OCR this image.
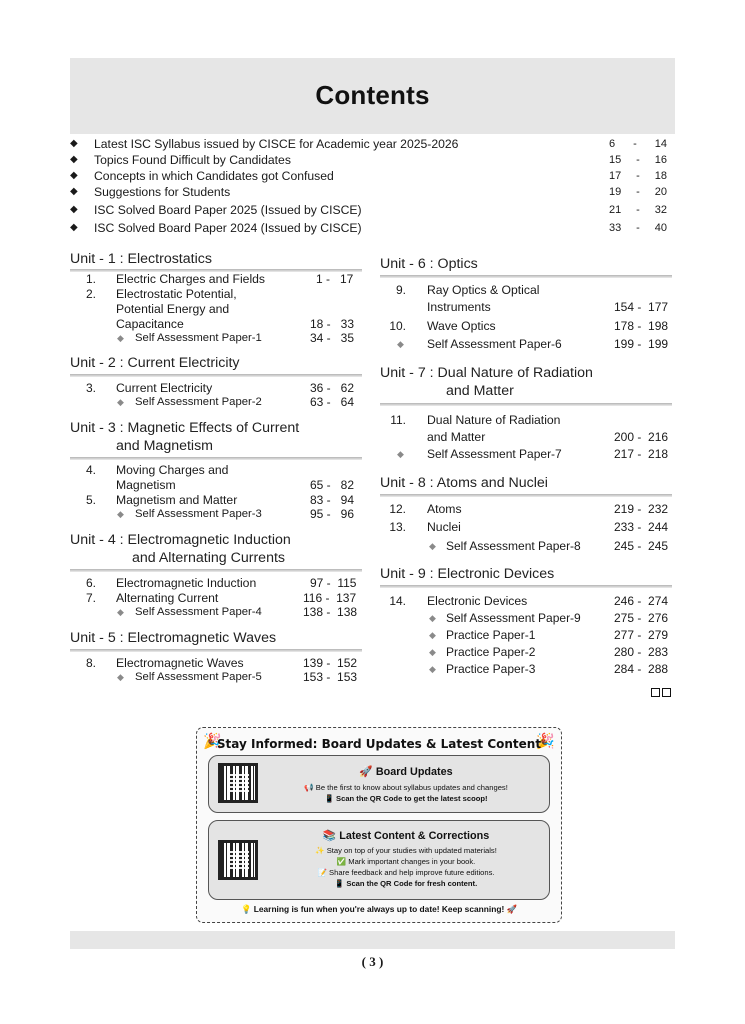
Contents
◆ Latest ISC Syllabus issued by CISCE for Academic year 2025-2026	6 - 14
◆ Topics Found Difficult by Candidates	15 - 16
◆ Concepts in which Candidates got Confused	17 - 18
◆ Suggestions for Students	19 - 20
◆ ISC Solved Board Paper 2025 (Issued by CISCE)	21 - 32
◆ ISC Solved Board Paper 2024 (Issued by CISCE)	33 - 40
Unit - 1 : Electrostatics
1. Electric Charges and Fields	1 -   17
2. Electrostatic Potential,
Potential Energy and
Capacitance	18 -   33
◆ Self Assessment Paper-1	34 -   35
Unit - 2 : Current Electricity
3. Current Electricity	36 -   62
◆ Self Assessment Paper-2	63 -   64
Unit - 3 : Magnetic Effects of Current
and Magnetism
4. Moving Charges and
Magnetism	65 -   82
5. Magnetism and Matter	83 -   94
◆ Self Assessment Paper-3	95 -   96
Unit - 4 : Electromagnetic Induction
and Alternating Currents
6. Electromagnetic Induction	97 -  115
7. Alternating Current	116 -  137
◆ Self Assessment Paper-4	138 -  138
Unit - 5 : Electromagnetic Waves
8. Electromagnetic Waves	139 -  152
◆ Self Assessment Paper-5	153 -  153
Unit - 6 : Optics
9. Ray Optics & Optical
Instruments	154 -  177
10. Wave Optics	178 -  198
◆ Self Assessment Paper-6	199 -  199
Unit - 7 : Dual Nature of Radiation
and Matter
11. Dual Nature of Radiation
and Matter	200 -  216
◆ Self Assessment Paper-7	217 -  218
Unit - 8 : Atoms and Nuclei
12. Atoms	219 -  232
13. Nuclei	233 -  244
◆ Self Assessment Paper-8	245 -  245
Unit - 9 : Electronic Devices
14. Electronic Devices	246 -  274
◆ Self Assessment Paper-9	275 -  276
◆ Practice Paper-1	277 -  279
◆ Practice Paper-2	280 -  283
◆ Practice Paper-3	284 -  288
🎉	🎉
Stay Informed: Board Updates & Latest Content
🚀 Board Updates
📢 Be the first to know about syllabus updates and changes!
📱 Scan the QR Code to get the latest scoop!
📚 Latest Content & Corrections
✨ Stay on top of your studies with updated materials!
✅ Mark important changes in your book.
📝 Share feedback and help improve future editions.
📱 Scan the QR Code for fresh content.
💡 Learning is fun when you're always up to date! Keep scanning! 🚀
( 3 )
